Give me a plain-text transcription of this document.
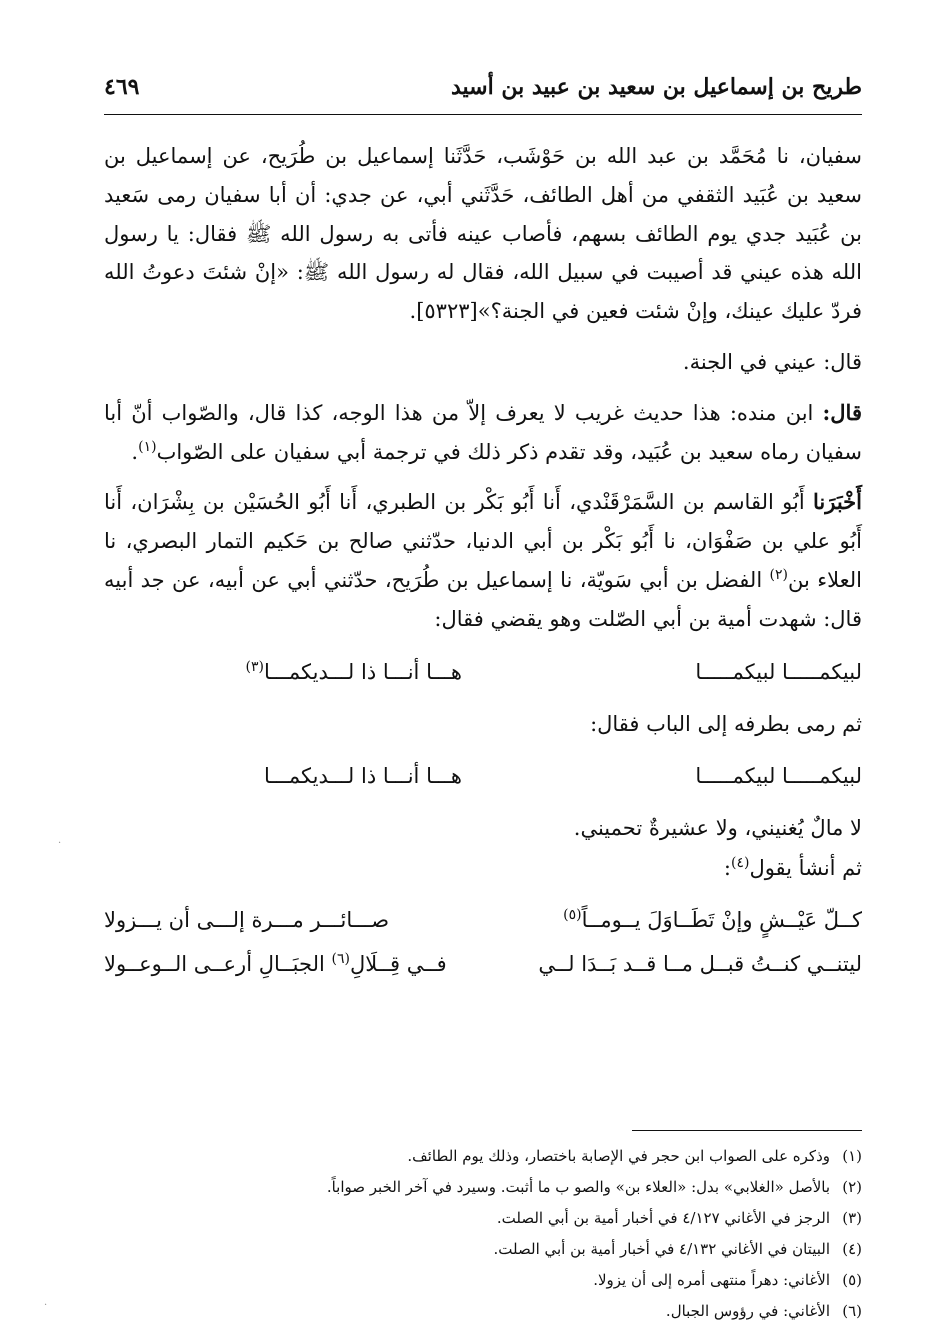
طريح بن إسماعيل بن سعيد بن عبيد بن أسيد
٤٦٩

سفيان، نا مُحَمَّد بن عبد الله بن حَوْشَب، حَدَّثَنا إسماعيل بن طُرَيح، عن إسماعيل بن سعيد بن عُبَيد الثقفي من أهل الطائف، حَدَّثَني أبي، عن جدي: أن أبا سفيان رمى سَعيد بن عُبَيد جدي يوم الطائف بسهم، فأصاب عينه فأتى به رسول الله ﷺ فقال: يا رسول الله هذه عيني قد أصيبت في سبيل الله، فقال له رسول الله ﷺ: «إنْ شئتَ دعوتُ الله فردّ عليك عينك، وإنْ شئت فعين في الجنة؟»[٥٣٢٣].

قال: عيني في الجنة.

قال: ابن منده: هذا حديث غريب لا يعرف إلاّ من هذا الوجه، كذا قال، والصّواب أنّ أبا سفيان رماه سعيد بن عُبَيد، وقد تقدم ذكر ذلك في ترجمة أبي سفيان على الصّواب$^{(١)}$.

أَخْبَرَنا أَبُو القاسم بن السَّمَرْقَنْدي، أَنا أَبُو بَكْر بن الطبري، أَنا أَبُو الحُسَيْن بن بِشْرَان، أَنا أَبُو علي بن صَفْوَان، نا أَبُو بَكْر بن أبي الدنيا، حدّثني صالح بن حَكيم التمار البصري، نا العلاء بن$^{(٢)}$ الفضل بن أبي سَويّة، نا إسماعيل بن طُرَيح، حدّثني أبي عن أبيه، عن جد أبيه قال: شهدت أمية بن أبي الصّلت وهو يقضي فقال:

لبيكمـــــا لبيكمـــــا
هـــا أنـــا ذا لـــديكمـــا$^{(٣)}$
ثم رمى بطرفه إلى الباب فقال:
لبيكمـــــا لبيكمـــــا
هـــا أنـــا ذا لـــديكمـــا
لا مالٌ يُغنيني، ولا عشيرةٌ تحميني.
ثم أنشأ يقول$^{(٤)}$:
كــلّ عَيْــشٍ وإنْ تَطَــاوَلَ يــومــاً$^{(٥)}$
صـــائـــر مـــرة إلـــى أن يـــزولا
ليتنــي كنــتُ قبــل مــا قــد بَــدَا لــي
فــي قِــلَالِ$^{(٦)}$ الجبَــالِ أرعــى الــوعــولا
(١)
وذكره على الصواب ابن حجر في الإصابة باختصار، وذلك يوم الطائف.
(٢)
بالأصل «الغلابي» بدل: «العلاء بن» والصو ب ما أثبت. وسيرد في آخر الخبر صواباً.
(٣)
الرجز في الأغاني ٤/١٢٧ في أخبار أمية بن أبي الصلت.
(٤)
البيتان في الأغاني ٤/١٣٢ في أخبار أمية بن أبي الصلت.
(٥)
الأغاني: دهراً منتهى أمره إلى أن يزولا.
(٦)
الأغاني: في رؤوس الجبال.
·
·
